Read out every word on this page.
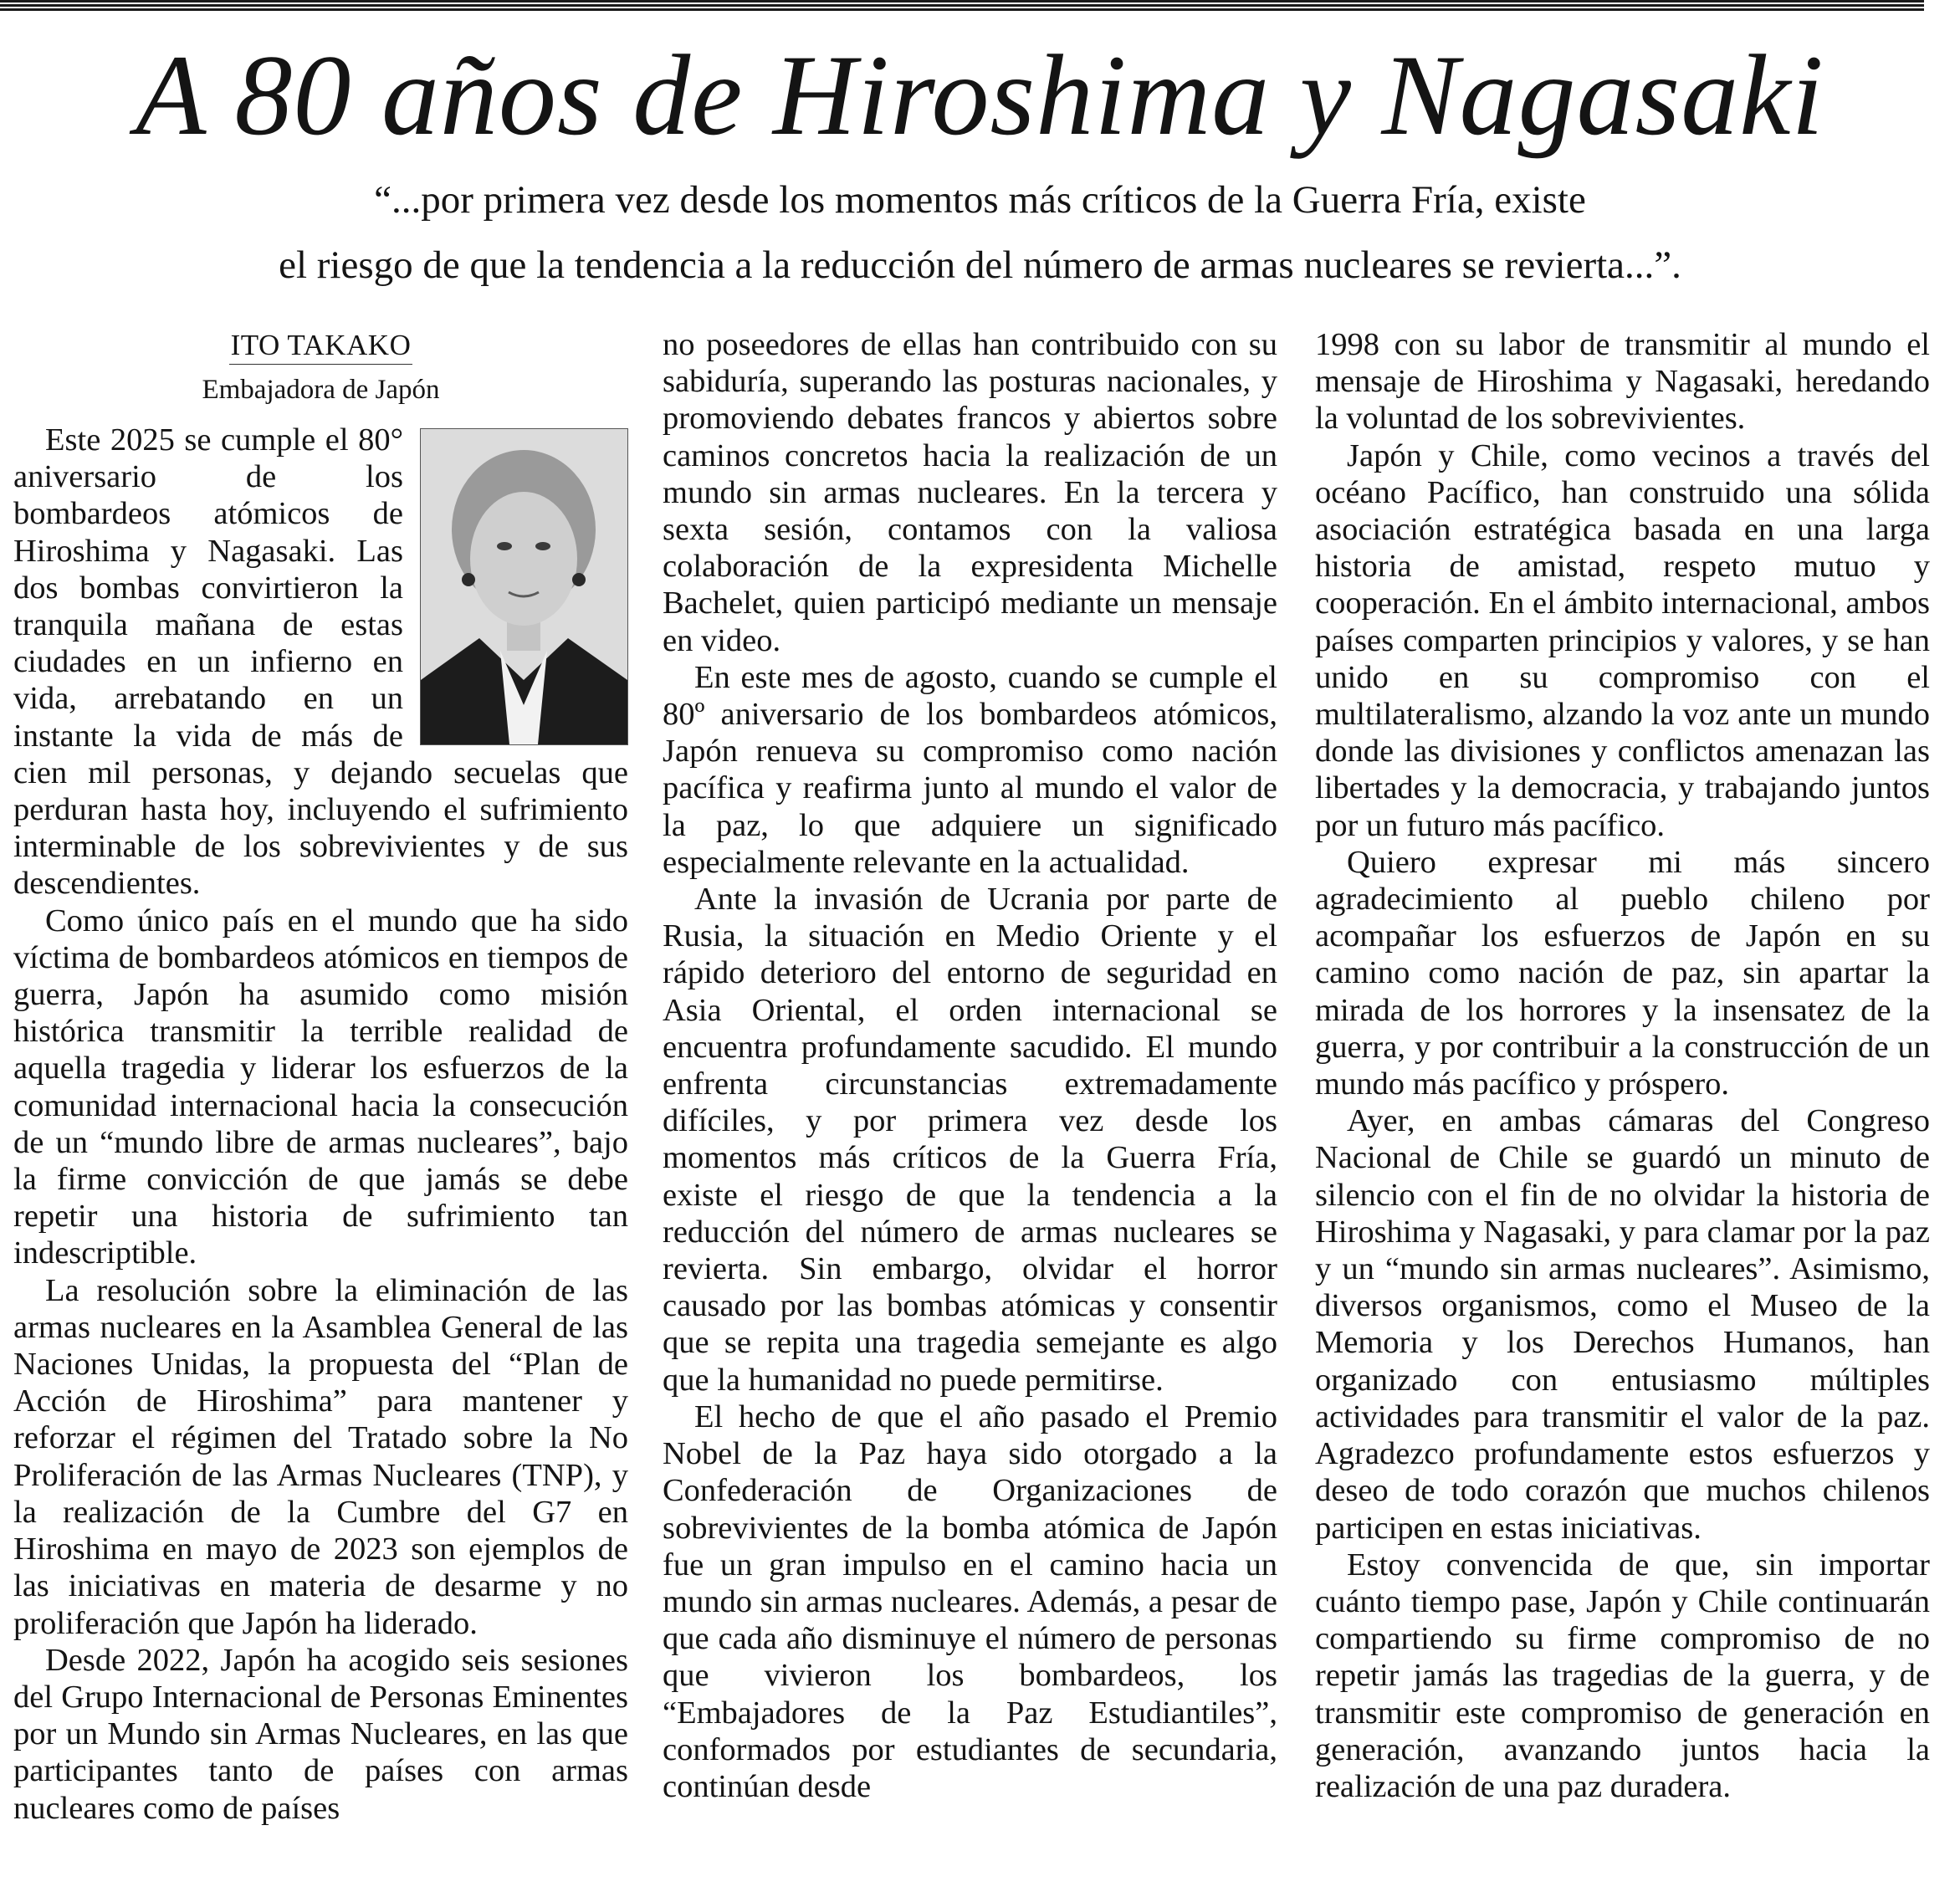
A 80 años de Hiroshima y Nagasaki
“...por primera vez desde los momentos más críticos de la Guerra Fría, existe
el riesgo de que la tendencia a la reducción del número de armas nucleares se revierta...”.
ITO TAKAKO
Embajadora de Japón

Este 2025 se cumple el 80° aniversario de los bombardeos atómicos de Hiroshima y Nagasaki. Las dos bombas convirtieron la tranquila mañana de estas ciudades en un infierno en vida, arrebatando en un instante la vida de más de cien mil personas, y dejando secuelas que perduran hasta hoy, incluyendo el sufrimiento interminable de los sobrevivientes y de sus descendientes.

Como único país en el mundo que ha sido víctima de bombardeos atómicos en tiempos de guerra, Japón ha asumido como misión histórica transmitir la terrible realidad de aquella tragedia y liderar los esfuerzos de la comunidad internacional hacia la consecución de un “mundo libre de armas nucleares”, bajo la firme convicción de que jamás se debe repetir una historia de sufrimiento tan indescriptible.

La resolución sobre la eliminación de las armas nucleares en la Asamblea General de las Naciones Unidas, la propuesta del “Plan de Acción de Hiroshima” para mantener y reforzar el régimen del Tratado sobre la No Proliferación de las Armas Nucleares (TNP), y la realización de la Cumbre del G7 en Hiroshima en mayo de 2023 son ejemplos de las iniciativas en materia de desarme y no proliferación que Japón ha liderado.

Desde 2022, Japón ha acogido seis sesiones del Grupo Internacional de Personas Eminentes por un Mundo sin Armas Nucleares, en las que participantes tanto de países con armas nucleares como de países

no poseedores de ellas han contribuido con su sabiduría, superando las posturas nacionales, y promoviendo debates francos y abiertos sobre caminos concretos hacia la realización de un mundo sin armas nucleares. En la tercera y sexta sesión, contamos con la valiosa colaboración de la expresidenta Michelle Bachelet, quien participó mediante un mensaje en video.

En este mes de agosto, cuando se cumple el 80º aniversario de los bombardeos atómicos, Japón renueva su compromiso como nación pacífica y reafirma junto al mundo el valor de la paz, lo que adquiere un significado especialmente relevante en la actualidad.

Ante la invasión de Ucrania por parte de Rusia, la situación en Medio Oriente y el rápido deterioro del entorno de seguridad en Asia Oriental, el orden internacional se encuentra profundamente sacudido. El mundo enfrenta circunstancias extremadamente difíciles, y por primera vez desde los momentos más críticos de la Guerra Fría, existe el riesgo de que la tendencia a la reducción del número de armas nucleares se revierta. Sin embargo, olvidar el horror causado por las bombas atómicas y consentir que se repita una tragedia semejante es algo que la humanidad no puede permitirse.

El hecho de que el año pasado el Premio Nobel de la Paz haya sido otorgado a la Confederación de Organizaciones de sobrevivientes de la bomba atómica de Japón fue un gran impulso en el camino hacia un mundo sin armas nucleares. Además, a pesar de que cada año disminuye el número de personas que vivieron los bombardeos, los “Embajadores de la Paz Estudiantiles”, conformados por estudiantes de secundaria, continúan desde

1998 con su labor de transmitir al mundo el mensaje de Hiroshima y Nagasaki, heredando la voluntad de los sobrevivientes.

Japón y Chile, como vecinos a través del océano Pacífico, han construido una sólida asociación estratégica basada en una larga historia de amistad, respeto mutuo y cooperación. En el ámbito internacional, ambos países comparten principios y valores, y se han unido en su compromiso con el multilateralismo, alzando la voz ante un mundo donde las divisiones y conflictos amenazan las libertades y la democracia, y trabajando juntos por un futuro más pacífico.

Quiero expresar mi más sincero agradecimiento al pueblo chileno por acompañar los esfuerzos de Japón en su camino como nación de paz, sin apartar la mirada de los horrores y la insensatez de la guerra, y por contribuir a la construcción de un mundo más pacífico y próspero.

Ayer, en ambas cámaras del Congreso Nacional de Chile se guardó un minuto de silencio con el fin de no olvidar la historia de Hiroshima y Nagasaki, y para clamar por la paz y un “mundo sin armas nucleares”. Asimismo, diversos organismos, como el Museo de la Memoria y los Derechos Humanos, han organizado con entusiasmo múltiples actividades para transmitir el valor de la paz. Agradezco profundamente estos esfuerzos y deseo de todo corazón que muchos chilenos participen en estas iniciativas.

Estoy convencida de que, sin importar cuánto tiempo pase, Japón y Chile continuarán compartiendo su firme compromiso de no repetir jamás las tragedias de la guerra, y de transmitir este compromiso de generación en generación, avanzando juntos hacia la realización de una paz duradera.
